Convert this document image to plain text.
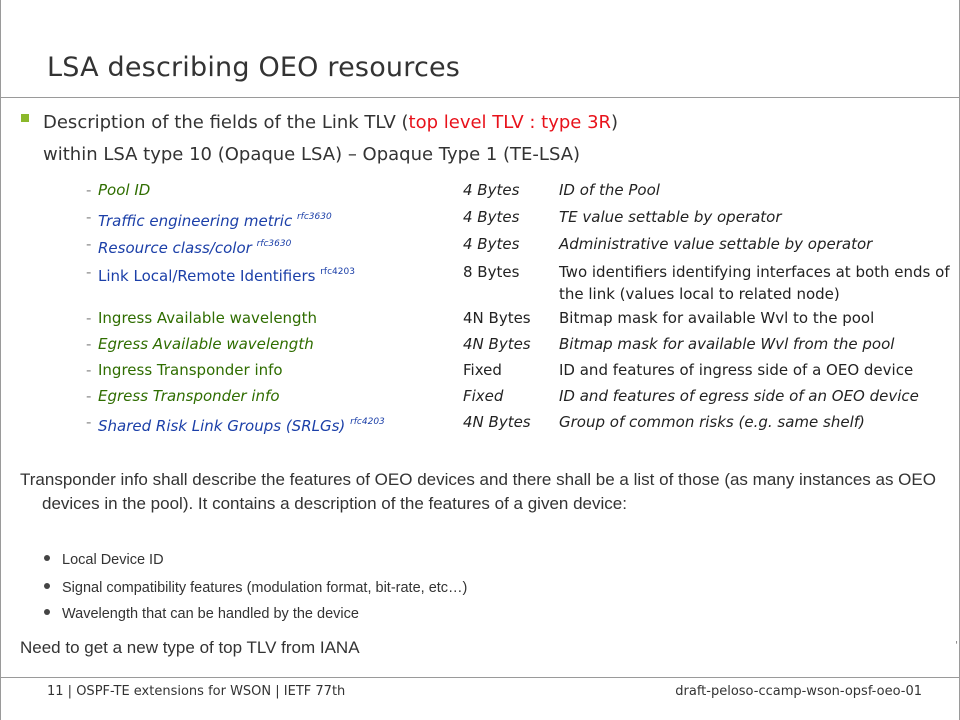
LSA describing OEO resources
Description of the fields of the Link TLV (top level TLV : type 3R)
within LSA type 10 (Opaque LSA) – Opaque Type 1 (TE-LSA)
- Pool ID	4 Bytes	ID of the Pool
- Traffic engineering metric $^{rfc3630}$	4 Bytes	TE value settable by operator
- Resource class/color $^{rfc3630}$	4 Bytes	Administrative value settable by operator
- Link Local/Remote Identifiers $^{rfc4203}$	8 Bytes	Two identifiers identifying interfaces at both ends of the link (values local to related node)
- Ingress Available wavelength	4N Bytes Bitmap mask for available Wvl to the pool
- Egress Available wavelength	4N Bytes Bitmap mask for available Wvl from the pool
- Ingress Transponder info	Fixed	ID and features of ingress side of a OEO device
- Egress Transponder info	Fixed	ID and features of egress side of an OEO device
- Shared Risk Link Groups (SRLGs) $^{rfc4203}$	4N Bytes Group of common risks (e.g. same shelf)
Transponder info shall describe the features of OEO devices and there shall be a list of those (as many instances as OEO devices in the pool). It contains a description of the features of a given device:
Local Device ID
Signal compatibility features (modulation format, bit-rate, etc…)
Wavelength that can be handled by the device
Need to get a new type of top TLV from IANA	'
11 | OSPF-TE extensions for WSON | IETF 77th	draft-peloso-ccamp-wson-opsf-oeo-01
